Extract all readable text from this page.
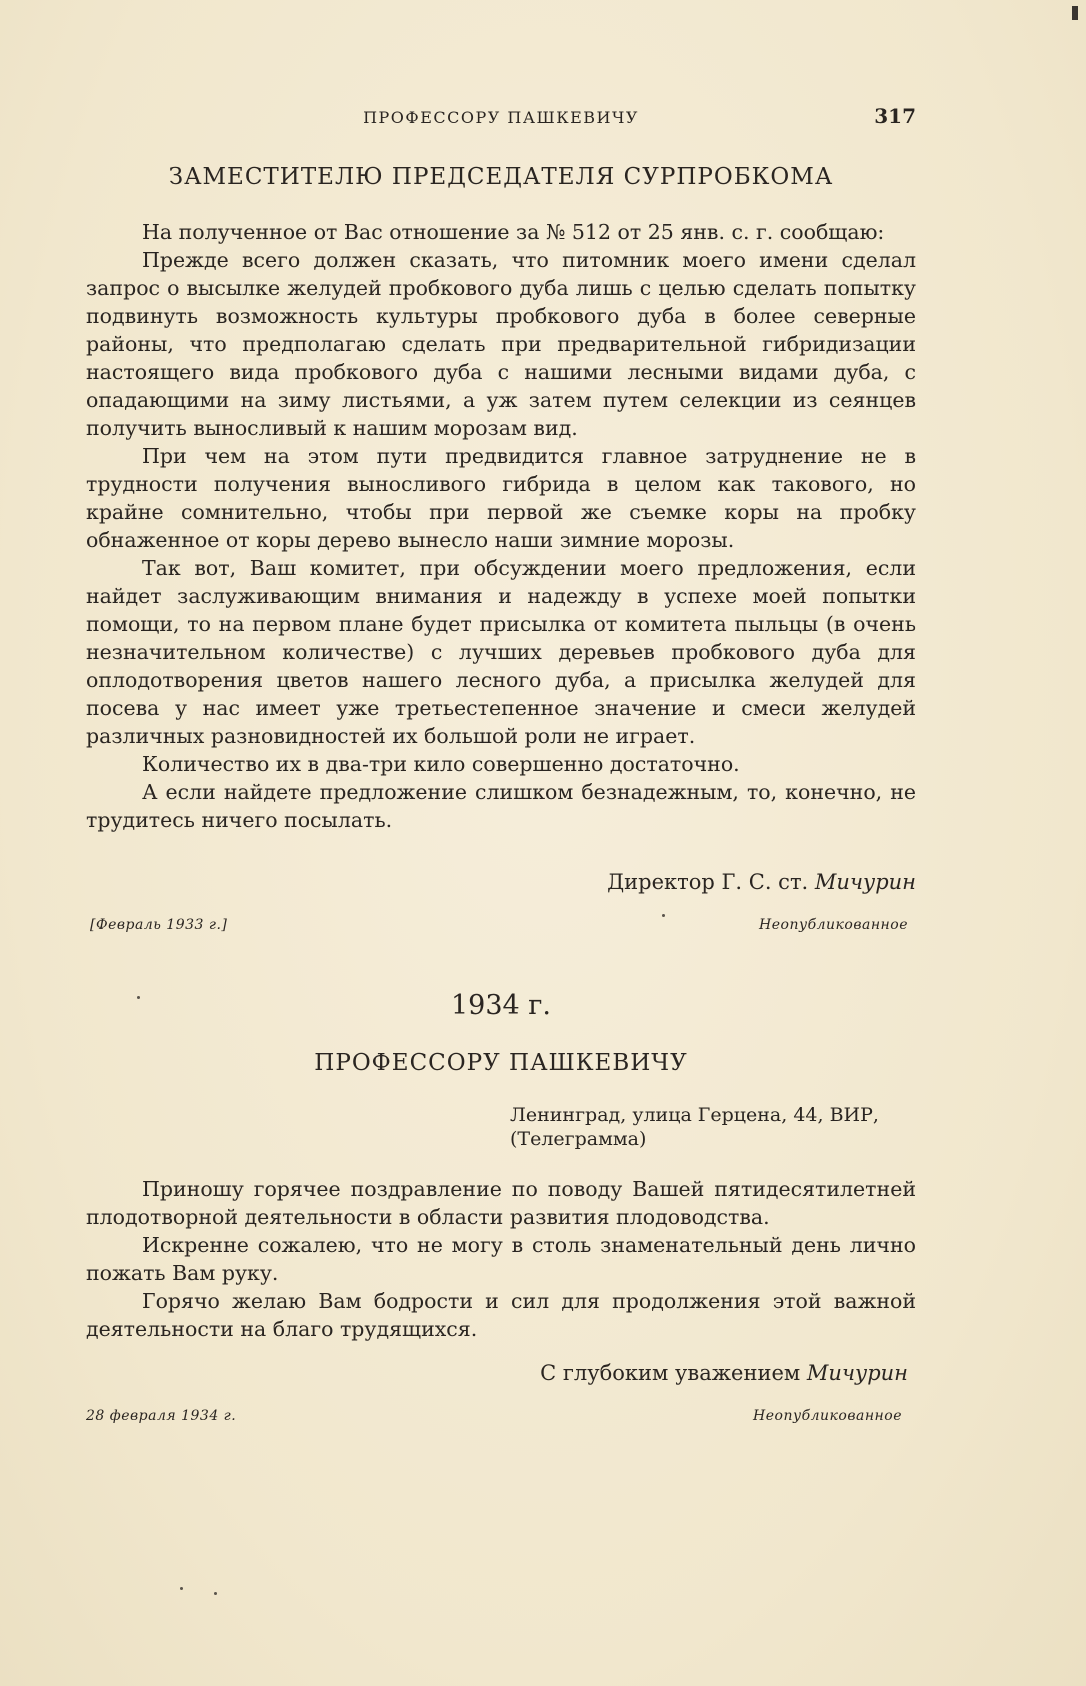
ПРОФЕССОРУ ПАШКЕВИЧУ	317
ЗАМЕСТИТЕЛЮ ПРЕДСЕДАТЕЛЯ СУРПРОБКОМА

На полученное от Вас отношение за № 512 от 25 янв. с. г. сообщаю:

Прежде всего должен сказать, что питомник моего имени сделал запрос о высылке желудей пробкового дуба лишь с целью сделать попытку подвинуть возможность культуры пробкового дуба в более северные районы, что предполагаю сделать при предварительной гибридизации настоящего вида пробкового дуба с нашими лесными видами дуба, с опадающими на зиму листьями, а уж затем путем селекции из сеянцев получить выносливый к нашим морозам вид.

При чем на этом пути предвидится главное затруднение не в трудности получения выносливого гибрида в целом как такового, но крайне сомнительно, чтобы при первой же съемке коры на пробку обнаженное от коры дерево вынесло наши зимние морозы.

Так вот, Ваш комитет, при обсуждении моего предложения, если найдет заслуживающим внимания и надежду в успехе моей попытки помощи, то на первом плане будет присылка от комитета пыльцы (в очень незначительном количестве) с лучших деревьев пробкового дуба для оплодотворения цветов нашего лесного дуба, а присылка желудей для посева у нас имеет уже третьестепенное значение и смеси желудей различных разновидностей их большой роли не играет.

Количество их в два-три кило совершенно достаточно.

А если найдете предложение слишком безнадежным, то, конечно, не трудитесь ничего посылать.

Директор Г. С. ст. Мичурин
[Февраль 1933 г.]	Неопубликованное
1934 г.
ПРОФЕССОРУ ПАШКЕВИЧУ
Ленинград, улица Герцена, 44, ВИР,
(Телеграмма)

Приношу горячее поздравление по поводу Вашей пятидесятилетней плодотворной деятельности в области развития плодоводства.

Искренне сожалею, что не могу в столь знаменательный день лично пожать Вам руку.

Горячо желаю Вам бодрости и сил для продолжения этой важной деятельности на благо трудящихся.

С глубоким уважением Мичурин
28 февраля 1934 г.	Неопубликованное
